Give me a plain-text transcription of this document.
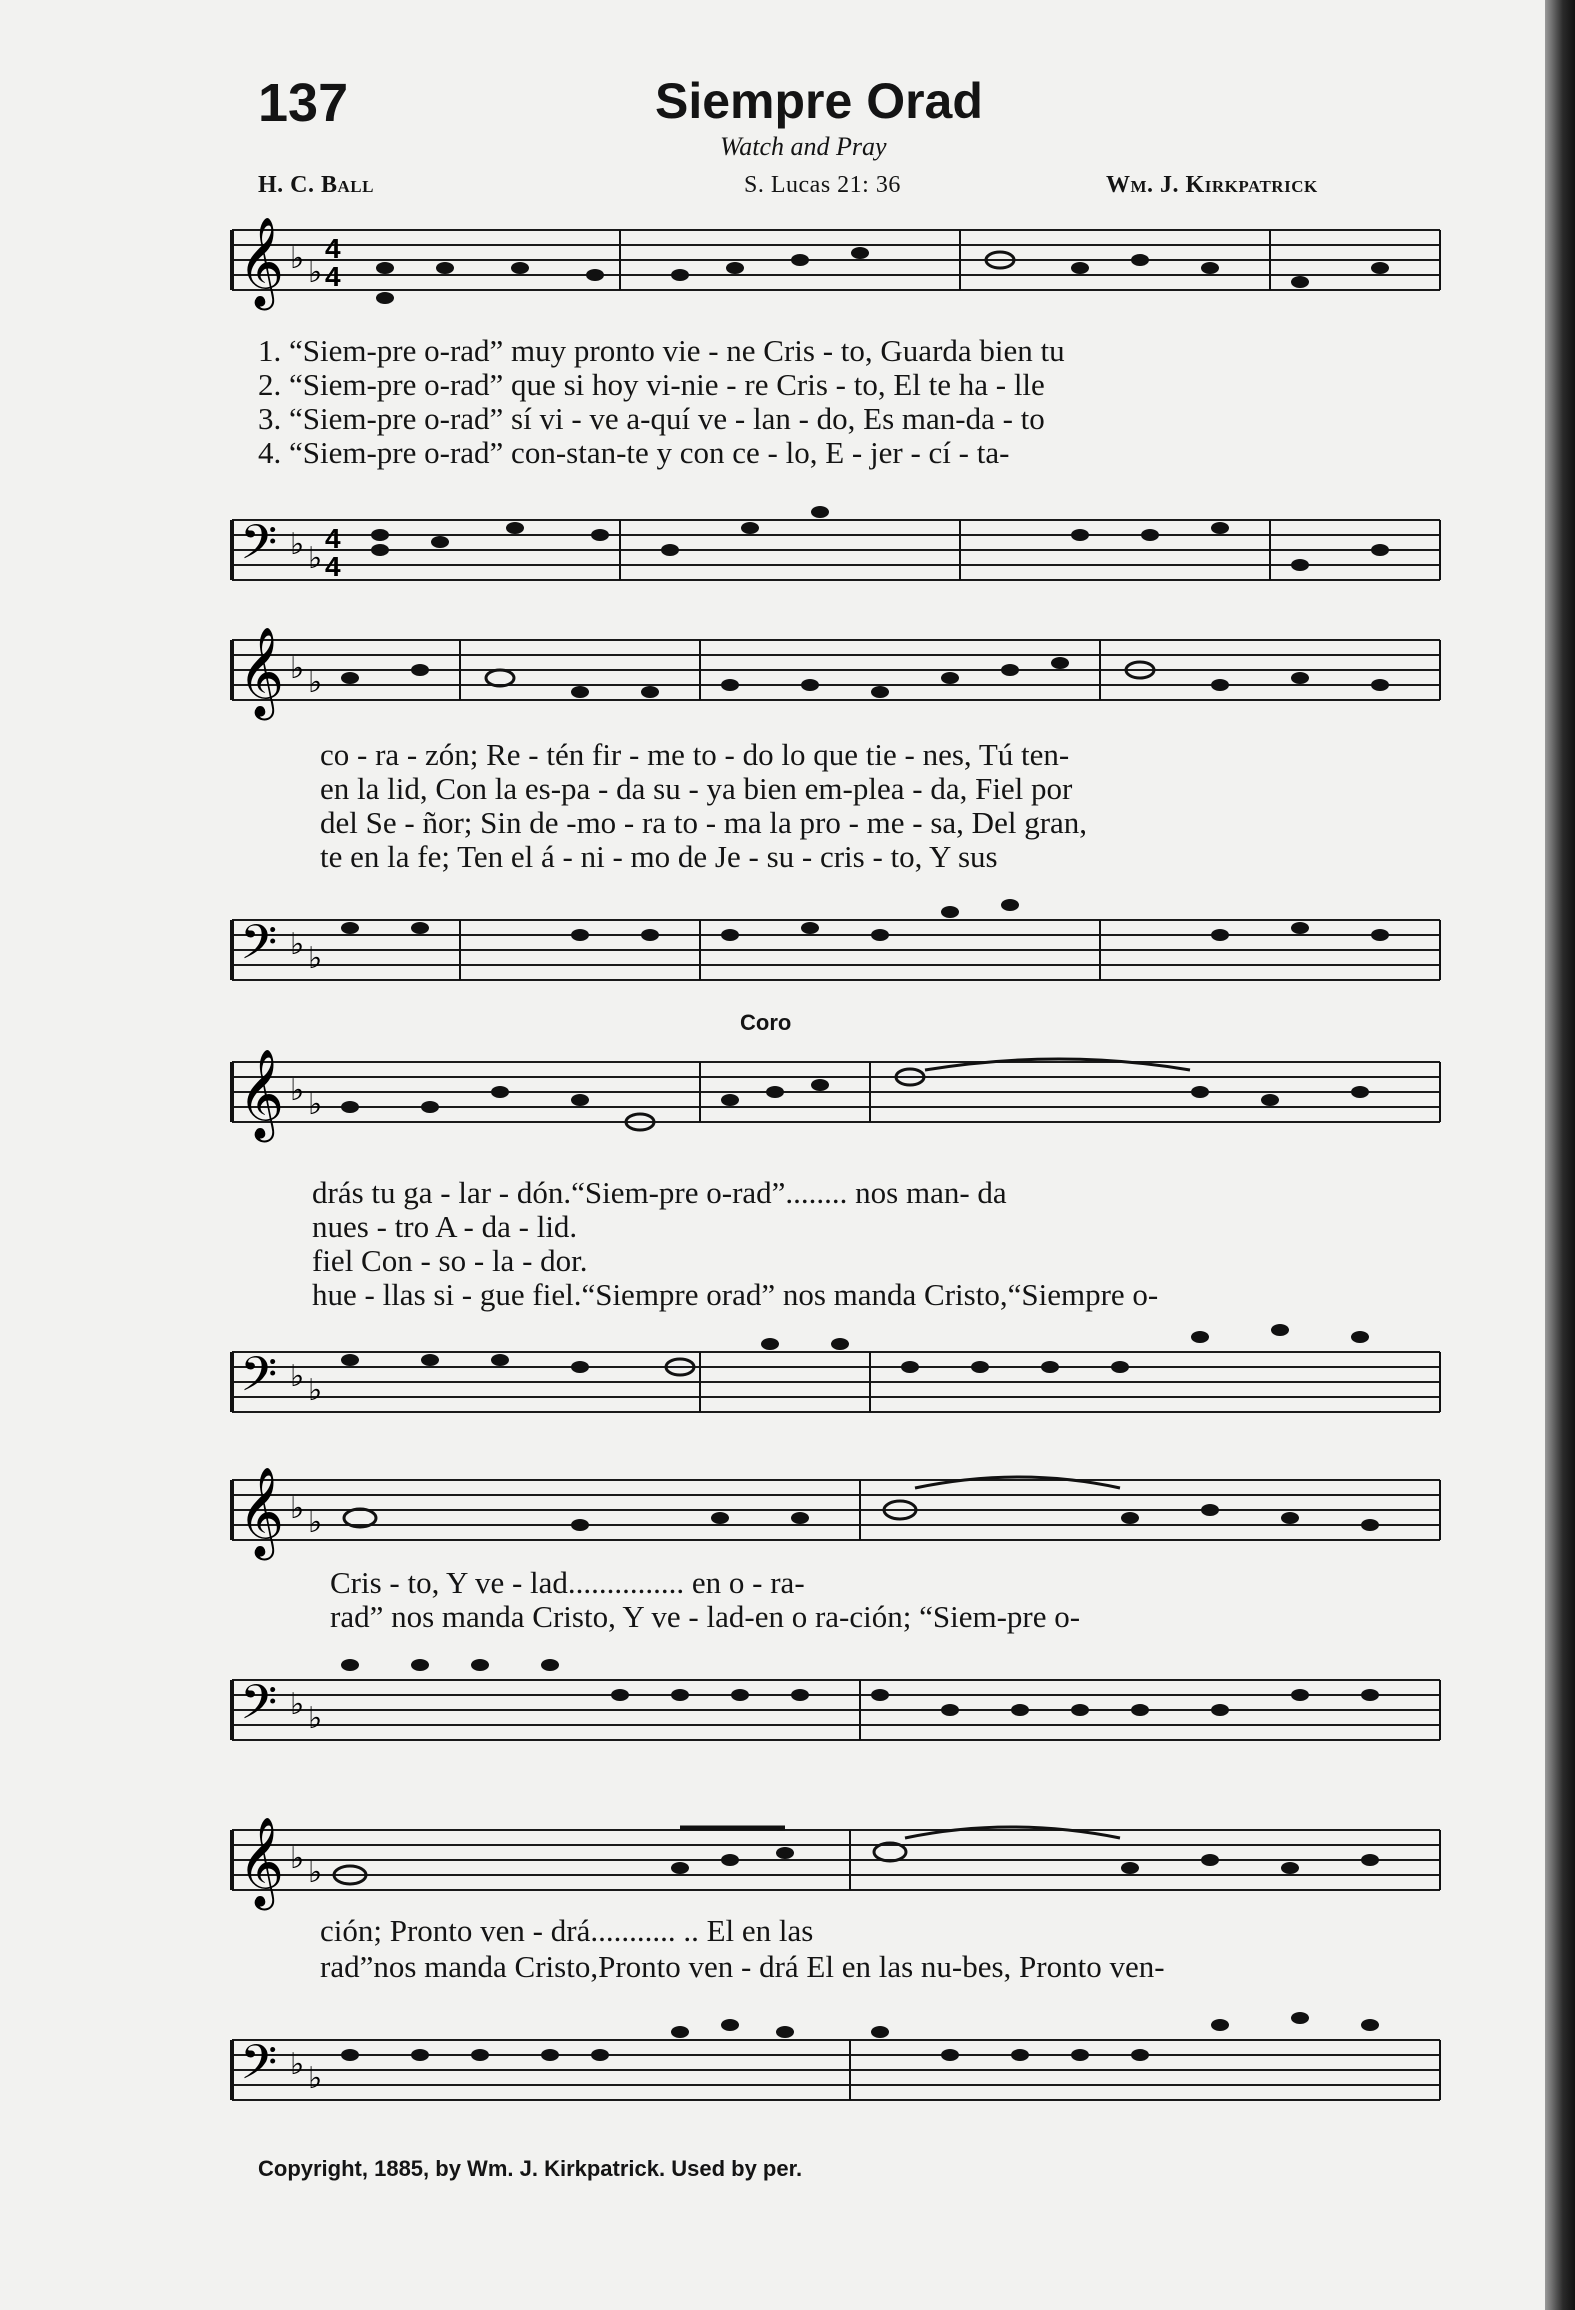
137	Siempre Orad
Watch and Pray
H. C. Ball	S. Lucas 21: 36	Wm. J. Kirkpatrick
𝄞 ♭ ♭
4
4
1. “Siem-pre o-rad” muy pronto vie - ne Cris - to, Guarda bien tu
2. “Siem-pre o-rad” que si hoy vi-nie - re Cris - to, El te ha - lle
3. “Siem-pre o-rad” sí vi - ve a-quí ve - lan - do, Es man-da - to
4. “Siem-pre o-rad” con-stan-te y con ce - lo, E - jer - cí - ta-
𝄢 ♭ ♭
4
4
𝄞 ♭ ♭
co - ra - zón; Re - tén fir - me to - do lo que tie - nes, Tú ten-
en la lid, Con la es-pa - da su - ya bien em-plea - da, Fiel por
del Se - ñor; Sin de -mo - ra to - ma la pro - me - sa, Del gran,
te en la fe; Ten el á - ni - mo de Je - su - cris - to, Y sus
𝄢 ♭ ♭
Coro
𝄞 ♭ ♭
drás tu ga - lar - dón.“Siem-pre o-rad”........ nos man- da
nues - tro A - da - lid.
fiel Con - so - la - dor.
hue - llas si - gue fiel.“Siempre orad” nos manda Cristo,“Siempre o-
𝄢 ♭ ♭
𝄞 ♭ ♭
Cris - to, Y ve - lad............... en o - ra-
rad” nos manda Cristo, Y ve - lad-en o ra-ción; “Siem-pre o-
𝄢 ♭ ♭
𝄞 ♭ ♭
ción; Pronto ven - drá........... .. El en las
rad”nos manda Cristo,Pronto ven - drá El en las nu-bes, Pronto ven-
𝄢 ♭ ♭
Copyright, 1885, by Wm. J. Kirkpatrick. Used by per.
